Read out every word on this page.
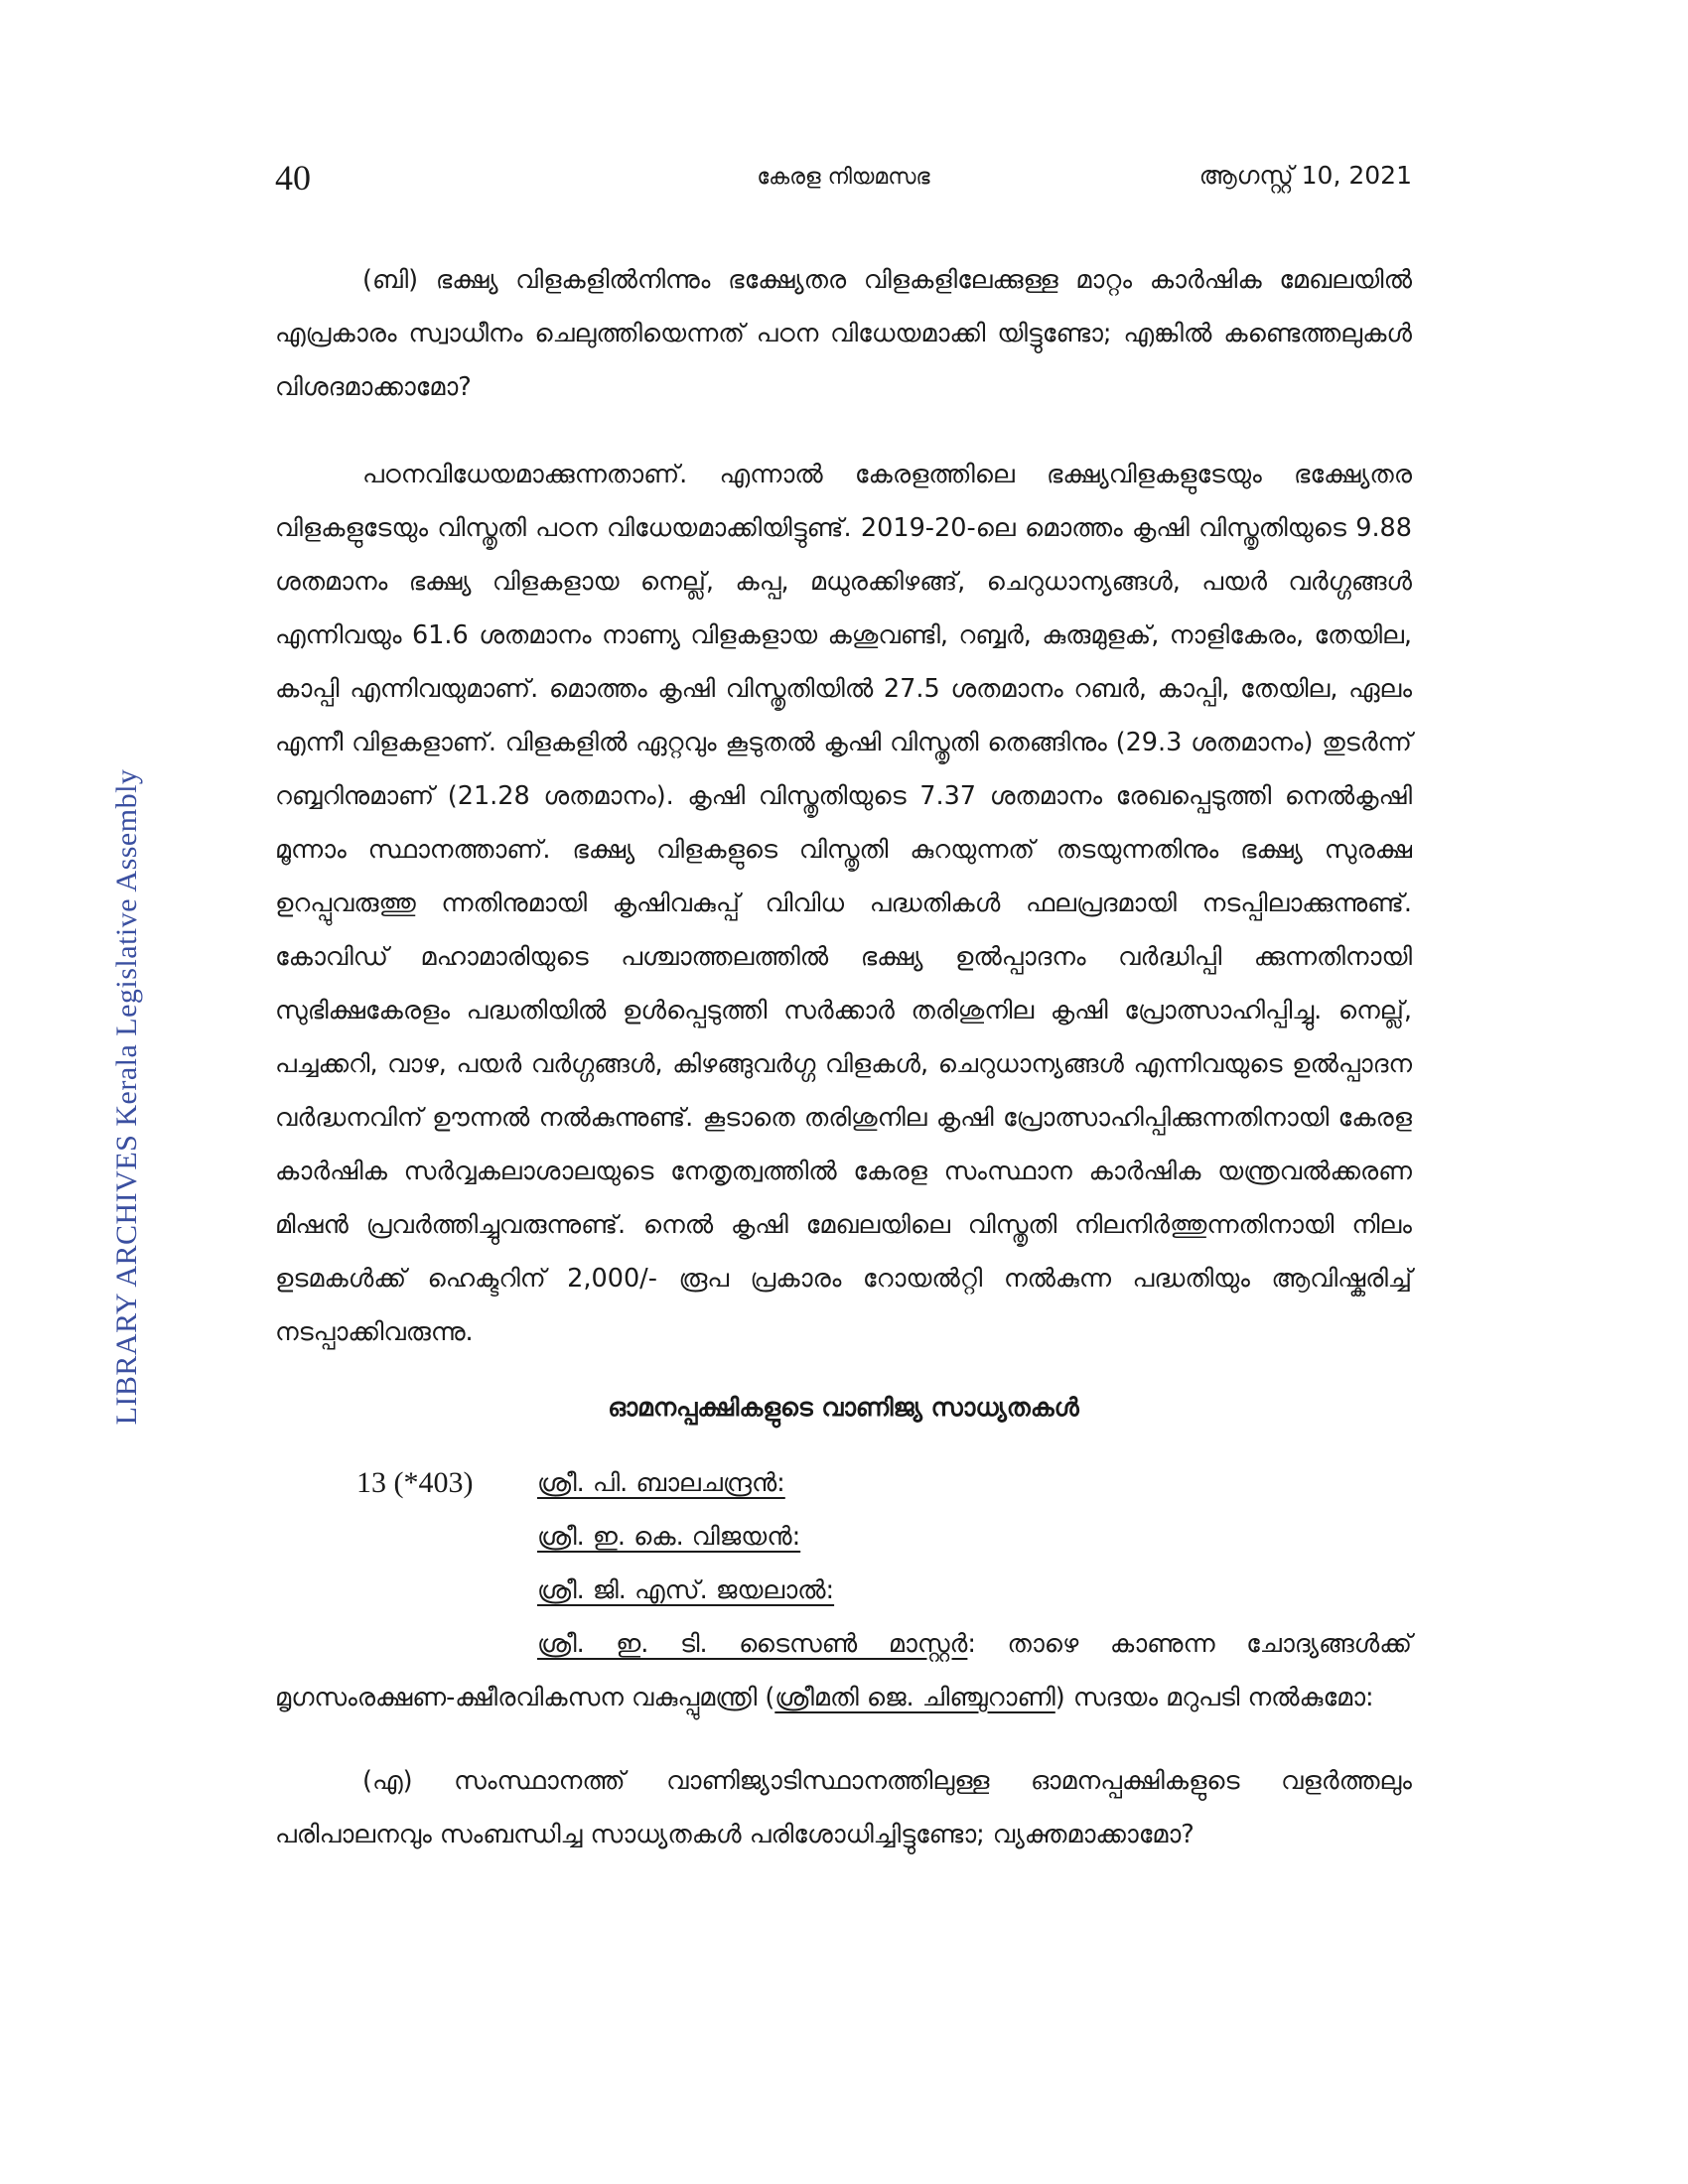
LIBRARY ARCHIVES Kerala Legislative Assembly
40	കേരള നിയമസഭ	ആഗസ്റ്റ് 10, 2021

(ബി) ഭക്ഷ്യ വിളകളിൽനിന്നും ഭക്ഷ്യേതര വിളകളിലേക്കുള്ള മാറ്റം കാർഷിക മേഖലയിൽ എപ്രകാരം സ്വാധീനം ചെലുത്തിയെന്നത് പഠന വിധേയമാക്കി യിട്ടുണ്ടോ; എങ്കിൽ കണ്ടെത്തലുകൾ വിശദമാക്കാമോ?

പഠനവിധേയമാക്കുന്നതാണ്. എന്നാൽ കേരളത്തിലെ ഭക്ഷ്യവിളകളുടേയും ഭക്ഷ്യേതര വിളകളുടേയും വിസ്തൃതി പഠന വിധേയമാക്കിയിട്ടുണ്ട്. 2019-20-ലെ മൊത്തം കൃഷി വിസ്തൃതിയുടെ 9.88 ശതമാനം ഭക്ഷ്യ വിളകളായ നെല്ല്, കപ്പ, മധുരക്കിഴങ്ങ്, ചെറുധാന്യങ്ങൾ, പയർ വർഗ്ഗങ്ങൾ എന്നിവയും 61.6 ശതമാനം നാണ്യ വിളകളായ കശുവണ്ടി, റബ്ബർ, കുരുമുളക്, നാളികേരം, തേയില, കാപ്പി എന്നിവയുമാണ്. മൊത്തം കൃഷി വിസ്തൃതിയിൽ 27.5 ശതമാനം റബർ, കാപ്പി, തേയില, ഏലം എന്നീ വിളകളാണ്. വിളകളിൽ ഏറ്റവും കൂടുതൽ കൃഷി വിസ്തൃതി തെങ്ങിനും (29.3 ശതമാനം) തുടർന്ന് റബ്ബറിനുമാണ് (21.28 ശതമാനം). കൃഷി വിസ്തൃതിയുടെ 7.37 ശതമാനം രേഖപ്പെടുത്തി നെൽകൃഷി മൂന്നാം സ്ഥാനത്താണ്. ഭക്ഷ്യ വിളകളുടെ വിസ്തൃതി കുറയുന്നത് തടയുന്നതിനും ഭക്ഷ്യ സുരക്ഷ ഉറപ്പുവരുത്തു ന്നതിനുമായി കൃഷിവകുപ്പ് വിവിധ പദ്ധതികൾ ഫലപ്രദമായി നടപ്പിലാക്കുന്നുണ്ട്. കോവിഡ് മഹാമാരിയുടെ പശ്ചാത്തലത്തിൽ ഭക്ഷ്യ ഉൽപ്പാദനം വർദ്ധിപ്പി ക്കുന്നതിനായി സുഭിക്ഷകേരളം പദ്ധതിയിൽ ഉൾപ്പെടുത്തി സർക്കാർ തരിശുനില കൃഷി പ്രോത്സാഹിപ്പിച്ചു. നെല്ല്, പച്ചക്കറി, വാഴ, പയർ വർഗ്ഗങ്ങൾ, കിഴങ്ങുവർഗ്ഗ വിളകൾ, ചെറുധാന്യങ്ങൾ എന്നിവയുടെ ഉൽപ്പാദന വർദ്ധനവിന് ഊന്നൽ നൽകുന്നുണ്ട്. കൂടാതെ തരിശുനില കൃഷി പ്രോത്സാഹിപ്പിക്കുന്നതിനായി കേരള കാർഷിക സർവ്വകലാശാലയുടെ നേതൃത്വത്തിൽ കേരള സംസ്ഥാന കാർഷിക യന്ത്രവൽക്കരണ മിഷൻ പ്രവർത്തിച്ചുവരുന്നുണ്ട്. നെൽ കൃഷി മേഖലയിലെ വിസ്തൃതി നിലനിർത്തുന്നതിനായി നിലം ഉടമകൾക്ക് ഹെക്ടറിന് 2,000/- രൂപ പ്രകാരം റോയൽറ്റി നൽകുന്ന പദ്ധതിയും ആവിഷ്കരിച്ച് നടപ്പാക്കിവരുന്നു.

ഓമനപ്പക്ഷികളുടെ വാണിജ്യ സാധ്യതകൾ
13 (*403)	ശ്രീ. പി. ബാലചന്ദ്രൻ:
ശ്രീ. ഇ. കെ. വിജയൻ:
ശ്രീ. ജി. എസ്. ജയലാൽ:

ശ്രീ. ഇ. ടി. ടൈസൺ മാസ്റ്റർ: താഴെ കാണുന്ന ചോദ്യങ്ങൾക്ക് മൃഗസംരക്ഷണ-ക്ഷീരവികസന വകുപ്പുമന്ത്രി (ശ്രീമതി ജെ. ചിഞ്ചുറാണി) സദയം മറുപടി നൽകുമോ:

(എ) സംസ്ഥാനത്ത് വാണിജ്യാടിസ്ഥാനത്തിലുള്ള ഓമനപ്പക്ഷികളുടെ വളർത്തലും പരിപാലനവും സംബന്ധിച്ച സാധ്യതകൾ പരിശോധിച്ചിട്ടുണ്ടോ; വ്യക്തമാക്കാമോ?
